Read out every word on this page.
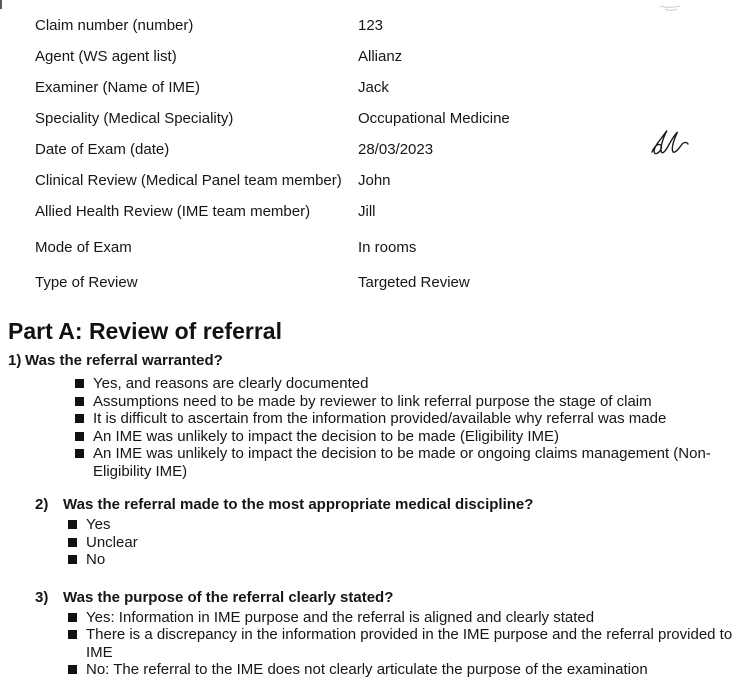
Claim number (number)	123
Agent (WS agent list)	Allianz
Examiner (Name of IME)	Jack
Speciality (Medical Speciality)	Occupational Medicine
Date of Exam (date)	28/03/2023
Clinical Review (Medical Panel team member)	John
Allied Health Review (IME team member)	Jill
Mode of Exam	In rooms
Type of Review	Targeted Review
Part A: Review of referral
1) Was the referral warranted?
Yes, and reasons are clearly documented
Assumptions need to be made by reviewer to link referral purpose the stage of claim
It is difficult to ascertain from the information provided/available why referral was made
An IME was unlikely to impact the decision to be made (Eligibility IME)
An IME was unlikely to impact the decision to be made or ongoing claims management (Non-Eligibility IME)
2) Was the referral made to the most appropriate medical discipline?
Yes
Unclear
No
3) Was the purpose of the referral clearly stated?
Yes: Information in IME purpose and the referral is aligned and clearly stated
There is a discrepancy in the information provided in the IME purpose and the referral provided to IME
No: The referral to the IME does not clearly articulate the purpose of the examination
